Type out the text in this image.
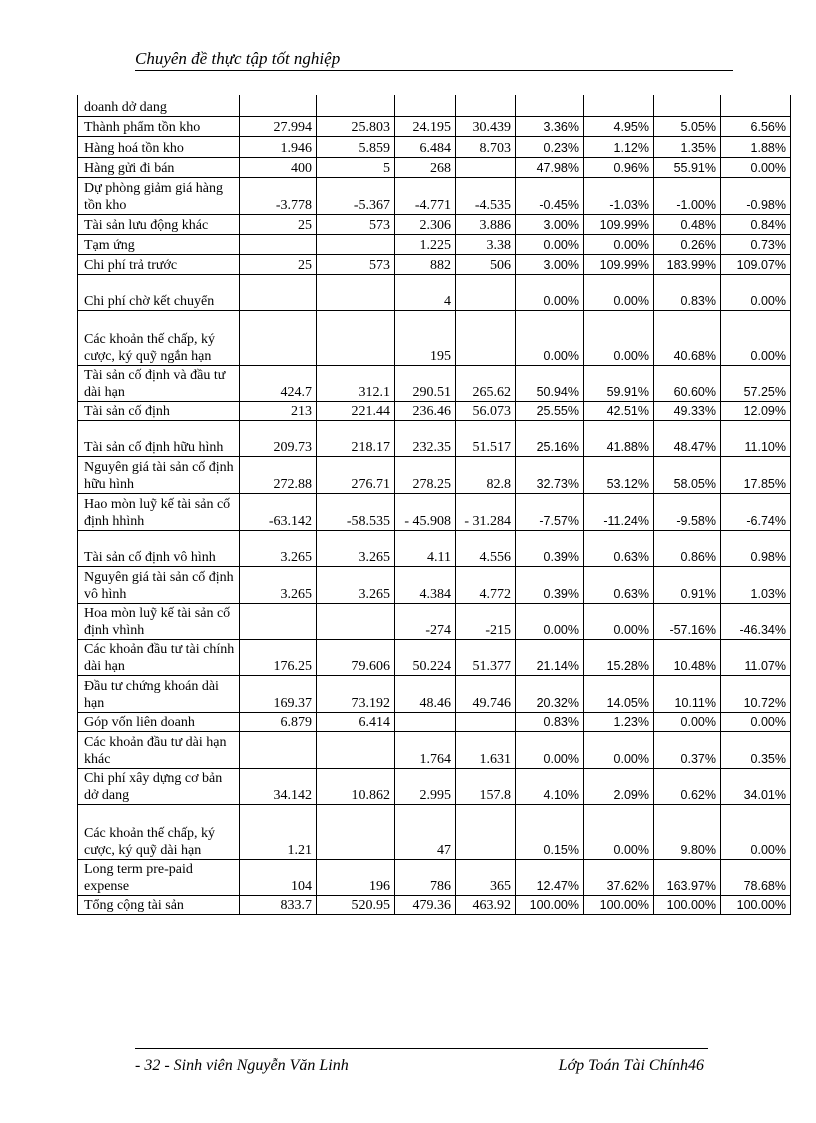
Chuyên đề thực tập tốt nghiệp
doanh dở dang								
Thành phẩm tồn kho	27.994	25.803	24.195	30.439	3.36%	4.95%	5.05%	6.56%
Hàng hoá tồn kho	1.946	5.859	6.484	8.703	0.23%	1.12%	1.35%	1.88%
Hàng gửi đi bán	400	5	268		47.98%	0.96%	55.91%	0.00%
Dự phòng giảm giá hàng tồn kho	-3.778	-5.367	-4.771	-4.535	-0.45%	-1.03%	-1.00%	-0.98%
Tài sản lưu động khác	25	573	2.306	3.886	3.00%	109.99%	0.48%	0.84%
Tạm ứng			1.225	3.38	0.00%	0.00%	0.26%	0.73%
Chi phí trả trước	25	573	882	506	3.00%	109.99%	183.99%	109.07%
Chi phí chờ kết chuyển			4		0.00%	0.00%	0.83%	0.00%
Các khoản thế chấp, ký cược, ký quỹ ngắn hạn			195		0.00%	0.00%	40.68%	0.00%
Tài sản cố định và đầu tư dài hạn	424.7	312.1	290.51	265.62	50.94%	59.91%	60.60%	57.25%
Tài sản cố định	213	221.44	236.46	56.073	25.55%	42.51%	49.33%	12.09%
Tài sản cố định hữu hình	209.73	218.17	232.35	51.517	25.16%	41.88%	48.47%	11.10%
Nguyên giá tài sản cố định hữu hình	272.88	276.71	278.25	82.8	32.73%	53.12%	58.05%	17.85%
Hao mòn luỹ kế tài sản cố định hhình	-63.142	-58.535	- 45.908	- 31.284	-7.57%	-11.24%	-9.58%	-6.74%
Tài sản cố định vô hình	3.265	3.265	4.11	4.556	0.39%	0.63%	0.86%	0.98%
Nguyên giá tài sản cố định vô hình	3.265	3.265	4.384	4.772	0.39%	0.63%	0.91%	1.03%
Hoa mòn luỹ kế tài sản cố định vhình			-274	-215	0.00%	0.00%	-57.16%	-46.34%
Các khoản đầu tư tài chính dài hạn	176.25	79.606	50.224	51.377	21.14%	15.28%	10.48%	11.07%
Đầu tư chứng khoán dài hạn	169.37	73.192	48.46	49.746	20.32%	14.05%	10.11%	10.72%
Góp vốn liên doanh	6.879	6.414			0.83%	1.23%	0.00%	0.00%
Các khoản đầu tư dài hạn khác			1.764	1.631	0.00%	0.00%	0.37%	0.35%
Chi phí xây dựng cơ bản dở dang	34.142	10.862	2.995	157.8	4.10%	2.09%	0.62%	34.01%
Các khoản thế chấp, ký cược, ký quỹ dài hạn	1.21		47		0.15%	0.00%	9.80%	0.00%
Long term pre-paid expense	104	196	786	365	12.47%	37.62%	163.97%	78.68%
Tổng cộng tài sản	833.7	520.95	479.36	463.92	100.00%	100.00%	100.00%	100.00%
- 32 - Sinh viên Nguyễn Văn Linh	Lớp Toán Tài Chính46
